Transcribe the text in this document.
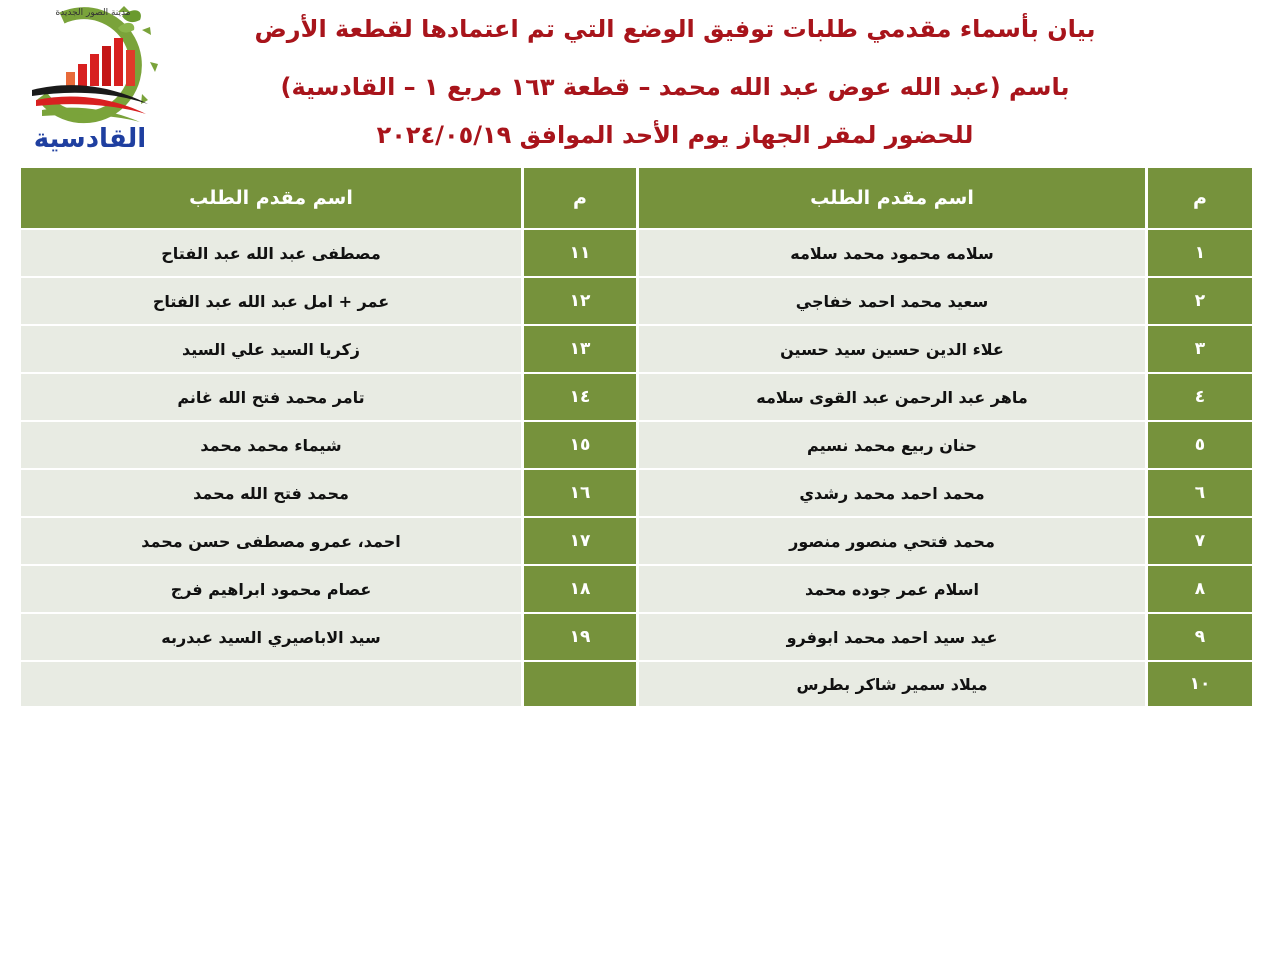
مدينة الصور الجديدة
القادسية
بيان بأسماء مقدمي طلبات توفيق الوضع التي تم اعتمادها لقطعة الأرض
باسم (عبد الله عوض عبد الله محمد – قطعة ١٦٣ مربع ١ – القادسية)
للحضور لمقر الجهاز يوم الأحد الموافق ٢٠٢٤/٠٥/١٩
م	اسم مقدم الطلب	م	اسم مقدم الطلب
١	سلامه محمود محمد سلامه	١١	مصطفى عبد الله عبد الفتاح
٢	سعيد محمد احمد خفاجي	١٢	عمر + امل عبد الله عبد الفتاح
٣	علاء الدين حسين سيد حسين	١٣	زكريا السيد علي السيد
٤	ماهر عبد الرحمن عبد القوى سلامه	١٤	تامر محمد فتح الله غانم
٥	حنان ربيع محمد نسيم	١٥	شيماء محمد محمد
٦	محمد احمد محمد رشدي	١٦	محمد فتح الله محمد
٧	محمد فتحي منصور منصور	١٧	احمد، عمرو مصطفى حسن محمد
٨	اسلام عمر جوده محمد	١٨	عصام محمود ابراهيم فرج
٩	عيد سيد احمد محمد ابوفرو	١٩	سيد الاباصيري السيد عبدربه
١٠	ميلاد سمير شاكر بطرس		
